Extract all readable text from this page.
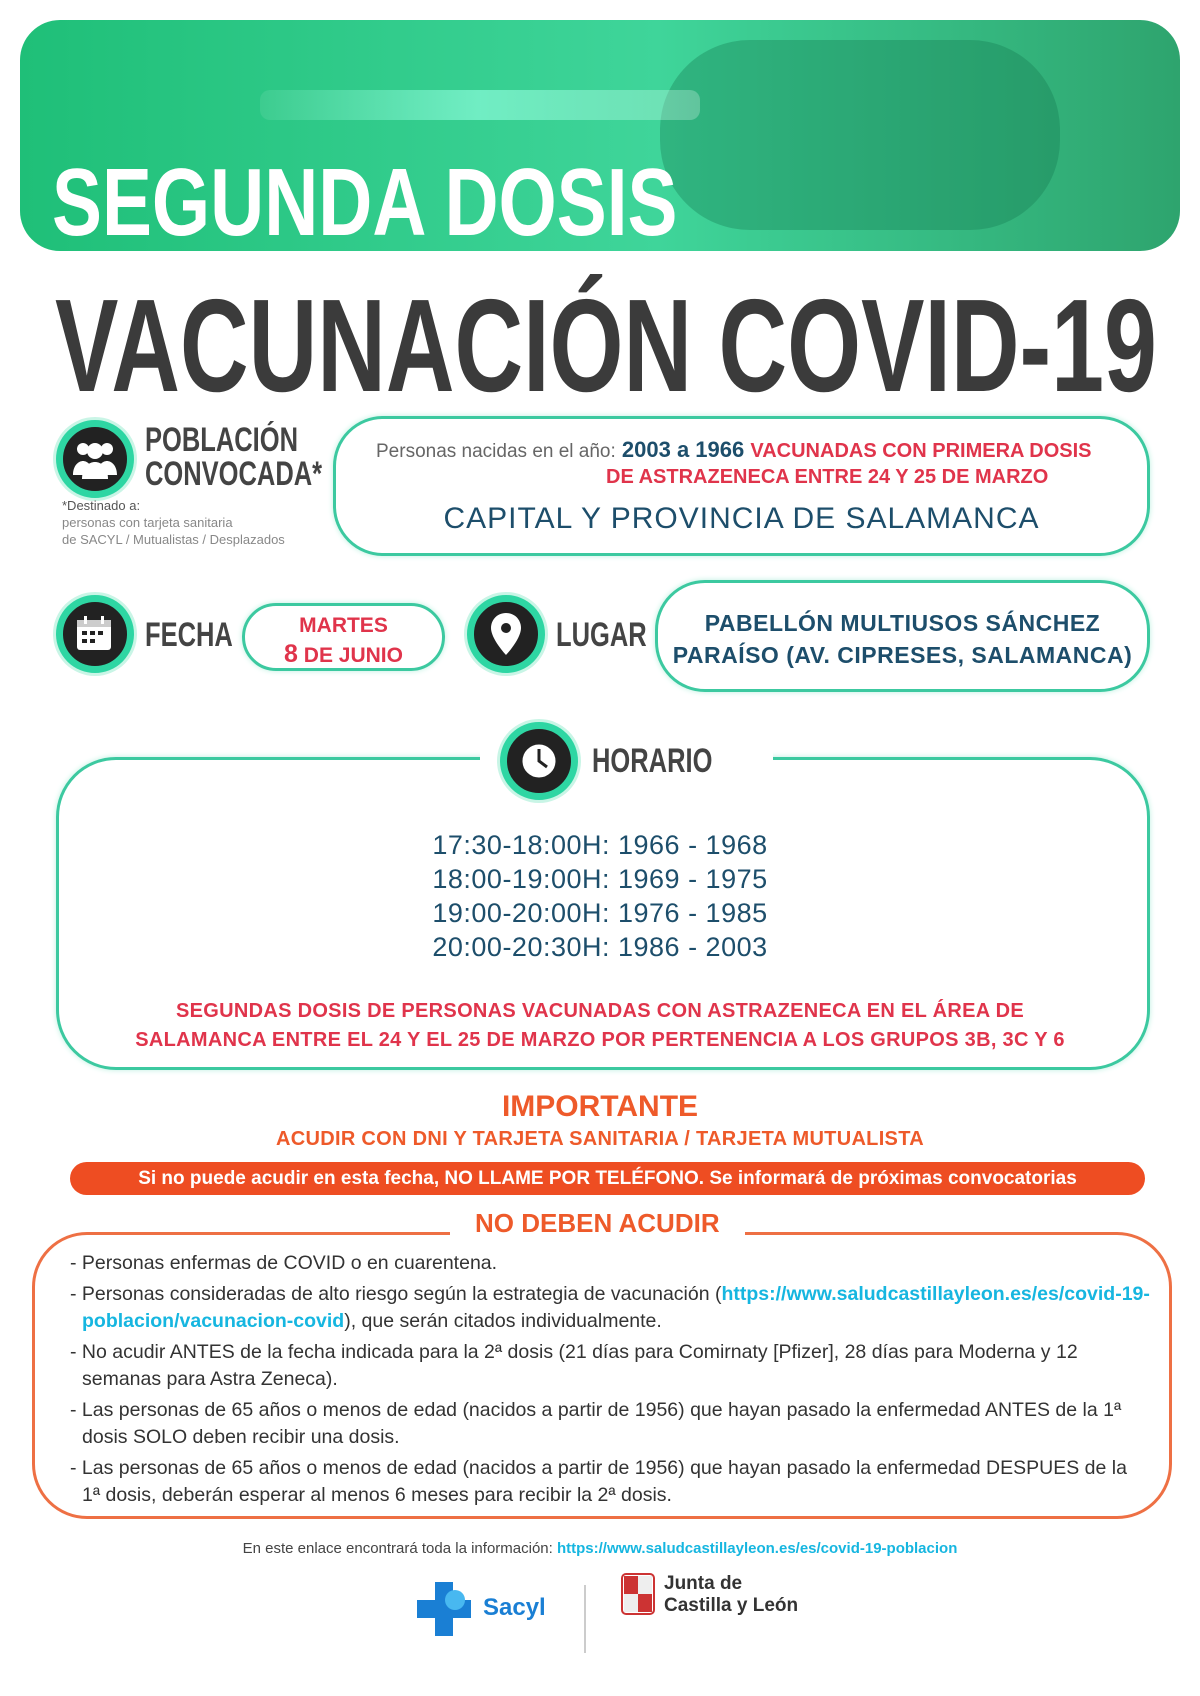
SEGUNDA DOSIS
VACUNACIÓN COVID-19
POBLACIÓN
CONVOCADA*
*Destinado a:
personas con tarjeta sanitaria
de SACYL / Mutualistas / Desplazados
Personas nacidas en el año: 2003 a 1966 VACUNADAS CON PRIMERA DOSIS
DE ASTRAZENECA ENTRE 24 Y 25 DE MARZO
CAPITAL Y PROVINCIA DE SALAMANCA
FECHA	MARTES
8 DE JUNIO
LUGAR	PABELLÓN MULTIUSOS SÁNCHEZ
PARAÍSO (AV. CIPRESES, SALAMANCA)
HORARIO
17:30-18:00H: 1966 - 1968
18:00-19:00H: 1969 - 1975
19:00-20:00H: 1976 - 1985
20:00-20:30H: 1986 - 2003
SEGUNDAS DOSIS DE PERSONAS VACUNADAS CON ASTRAZENECA EN EL ÁREA DE
SALAMANCA ENTRE EL 24 Y EL 25 DE MARZO POR PERTENENCIA A LOS GRUPOS 3B, 3C Y 6
IMPORTANTE
ACUDIR CON DNI Y TARJETA SANITARIA / TARJETA MUTUALISTA
Si no puede acudir en esta fecha, NO LLAME POR TELÉFONO. Se informará de próximas convocatorias
NO DEBEN ACUDIR
- Personas enfermas de COVID o en cuarentena.
- Personas consideradas de alto riesgo según la estrategia de vacunación (https://www.saludcastillayleon.es/es/covid-19-poblacion/vacunacion-covid), que serán citados individualmente.
- No acudir ANTES de la fecha indicada para la 2ª dosis (21 días para Comirnaty [Pfizer], 28 días para Moderna y 12 semanas para Astra Zeneca).
- Las personas de 65 años o menos de edad (nacidos a partir de 1956) que hayan pasado la enfermedad ANTES de la 1ª dosis SOLO deben recibir una dosis.
- Las personas de 65 años o menos de edad (nacidos a partir de 1956) que hayan pasado la enfermedad DESPUES de la 1ª dosis, deberán esperar al menos 6 meses para recibir la 2ª dosis.
En este enlace encontrará toda la información: https://www.saludcastillayleon.es/es/covid-19-poblacion
Sacyl
Junta de
Castilla y León
